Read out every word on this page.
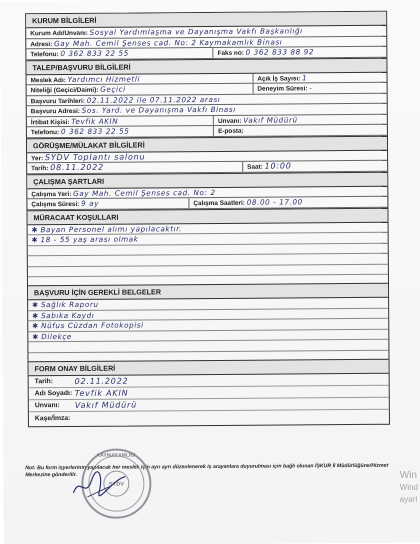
KURUM BİLGİLERİ
Kurum Adı/Unvanı: Sosyal Yardımlaşma ve Dayanışma Vakfı Başkanlığı
Adresi: Gay Mah. Cemil Şenses cad. No: 2 Kaymakamlık Binası
Telefonu: 0 362 833 22 55	Faks no: 0 362 833 88 92
TALEP/BAŞVURU BİLGİLERİ
Meslek Adı: Yardımcı Hizmetli	Açık İş Sayısı: 1
Niteliği (Geçici/Daimi): Geçici	Deneyim Süresi: -
Başvuru Tarihleri: 02.11.2022 ile 07.11.2022 arası
Başvuru Adresi: Sos. Yard. ve Dayanışma Vakfı Binası
İrtibat Kişisi: Tevfik AKIN	Unvanı: Vakıf Müdürü
Telefonu: 0 362 833 22 55	E-posta:
GÖRÜŞME/MÜLAKAT BİLGİLERİ
Yer: SYDV Toplantı salonu
Tarih: 08.11.2022	Saat: 10:00
ÇALIŞMA ŞARTLARI
Çalışma Yeri: Gay Mah. Cemil Şenses cad. No: 2
Çalışma Süresi: 9 ay	Çalışma Saatleri: 08.00 - 17.00
MÜRACAAT KOŞULLARI
✱ Bayan Personel alımı yapılacaktır.
✱ 18 - 55 yaş arası olmak
BAŞVURU İÇİN GEREKLİ BELGELER
✱ Sağlık Raporu
✱ Sabıka Kaydı
✱ Nüfus Cüzdan Fotokopisi
✱ Dilekçe
FORM ONAY BİLGİLERİ
Tarih:	02.11.2022
Adı Soyadı: Tevfik AKIN
Unvanı:	Vakıf Müdürü
Kaşe/İmza:
Not: Bu form işyerlerinin yapılacak her meslek için ayrı ayrı düzenlenerek iş arayanlara duyurulması için bağlı olunan İŞKUR İl Müdürlüğüne/Hizmet Merkezine gönderilir.
KAYMAKAMLIĞI
SYDV
Win
Wind
ayarl
